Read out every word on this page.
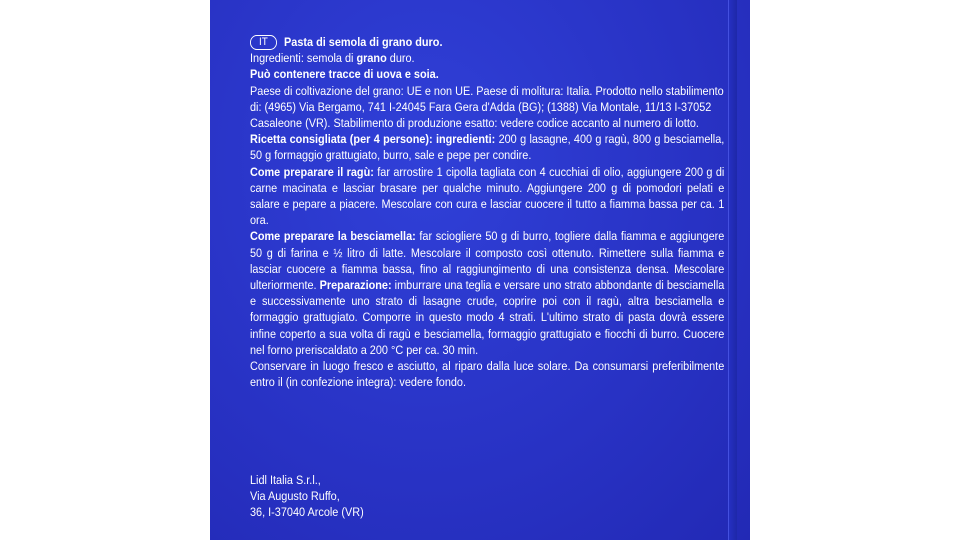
IT Pasta di semola di grano duro.

Ingredienti: semola di grano duro.

Può contenere tracce di uova e soia.

Paese di coltivazione del grano: UE e non UE. Paese di molitura: Italia. Prodotto nello stabilimento di: (4965) Via Bergamo, 741 I-24045 Fara Gera d'Adda (BG); (1388) Via Montale, 11/13 I-37052 Casaleone (VR). Stabilimento di produzione esatto: vedere codice accanto al numero di lotto.

Ricetta consigliata (per 4 persone): ingredienti: 200 g lasagne, 400 g ragù, 800 g besciamella, 50 g formaggio grattugiato, burro, sale e pepe per condire.

Come preparare il ragù: far arrostire 1 cipolla tagliata con 4 cucchiai di olio, aggiungere 200 g di carne macinata e lasciar brasare per qualche minuto. Aggiungere 200 g di pomodori pelati e salare e pepare a piacere. Mescolare con cura e lasciar cuocere il tutto a fiamma bassa per ca. 1 ora.

Come preparare la besciamella: far sciogliere 50 g di burro, togliere dalla fiamma e aggiungere 50 g di farina e ½ litro di latte. Mescolare il composto così ottenuto. Rimettere sulla fiamma e lasciar cuocere a fiamma bassa, fino al raggiungimento di una consistenza densa. Mescolare ulteriormente. Preparazione: imburrare una teglia e versare uno strato abbondante di besciamella e successivamente uno strato di lasagne crude, coprire poi con il ragù, altra besciamella e formaggio grattugiato. Comporre in questo modo 4 strati. L'ultimo strato di pasta dovrà essere infine coperto a sua volta di ragù e besciamella, formaggio grattugiato e fiocchi di burro. Cuocere nel forno preriscaldato a 200 °C per ca. 30 min.

Conservare in luogo fresco e asciutto, al riparo dalla luce solare. Da consumarsi preferibilmente entro il (in confezione integra): vedere fondo.

Lidl Italia S.r.l.,
Via Augusto Ruffo,
36, I-37040 Arcole (VR)
